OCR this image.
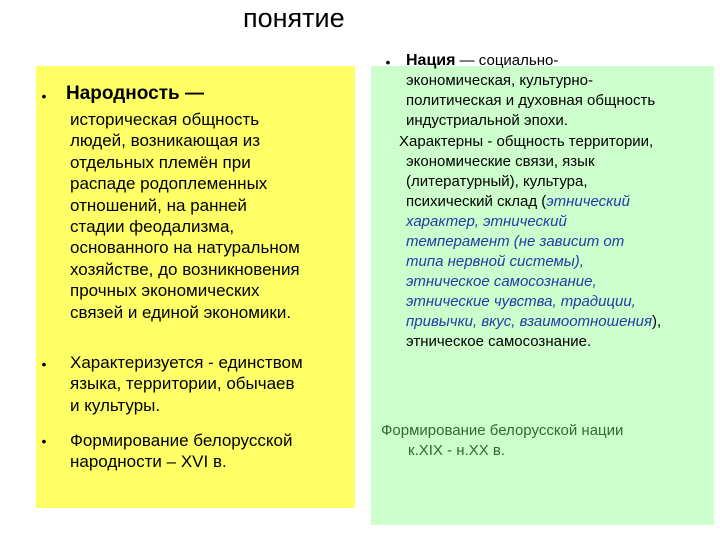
понятие
• Народность —
историческая общность
людей, возникающая из
отдельных племён при
распаде родоплеменных
отношений, на ранней
стадии феодализма,
основанного на натуральном
хозяйстве, до возникновения
прочных экономических
связей и единой экономики.
• Характеризуется - единством
языка, территории, обычаев
и культуры.
• Формирование белорусской
народности – XVI в.
• Нация — социально-
экономическая, культурно-
политическая и духовная общность
индустриальной эпохи.
Характерны - общность территории,
экономические связи, язык
(литературный), культура,
психический склад (этнический
характер, этнический
темперамент (не зависит от
типа нервной системы),
этническое самосознание,
этнические чувства, традиции,
привычки, вкус, взаимоотношения),
этническое самосознание.
Формирование белорусской нации
к.XIX - н.XX в.
